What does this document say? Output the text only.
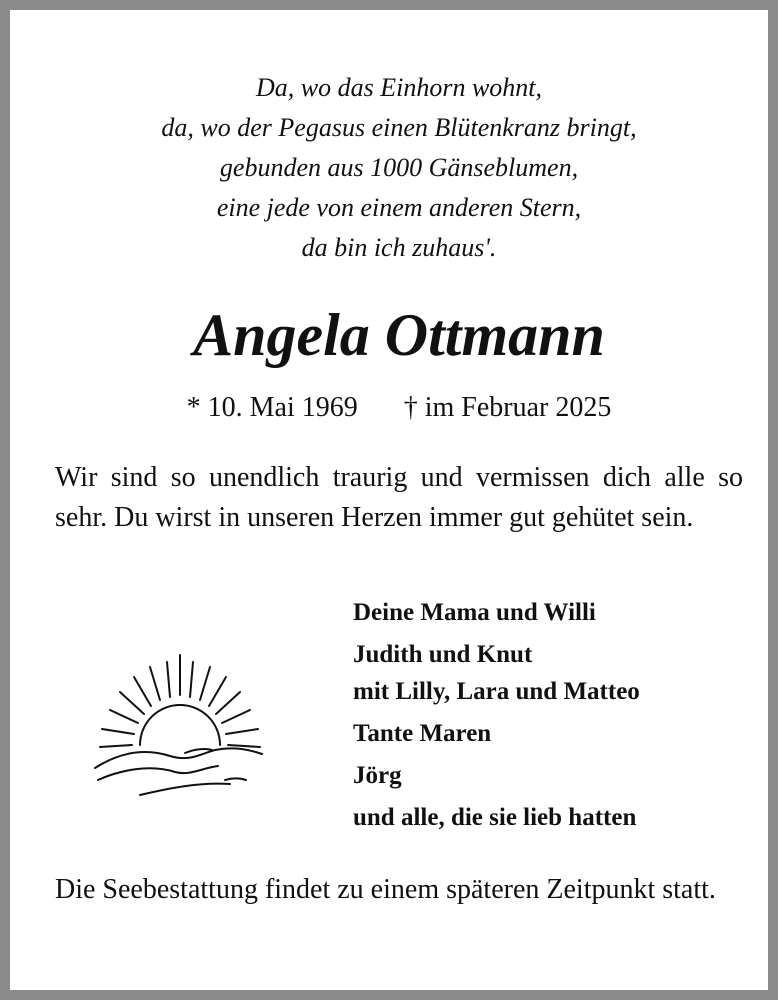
Da, wo das Einhorn wohnt,
da, wo der Pegasus einen Blütenkranz bringt,
gebunden aus 1000 Gänseblumen,
eine jede von einem anderen Stern,
da bin ich zuhaus'.
Angela Ottmann
* 10. Mai 1969 † im Februar 2025
Wir sind so unendlich traurig und vermissen dich alle so sehr. Du wirst in unseren Herzen immer gut gehütet sein.
Deine Mama und Willi
Judith und Knut
mit Lilly, Lara und Matteo
Tante Maren
Jörg
und alle, die sie lieb hatten
Die Seebestattung findet zu einem späteren Zeitpunkt statt.
